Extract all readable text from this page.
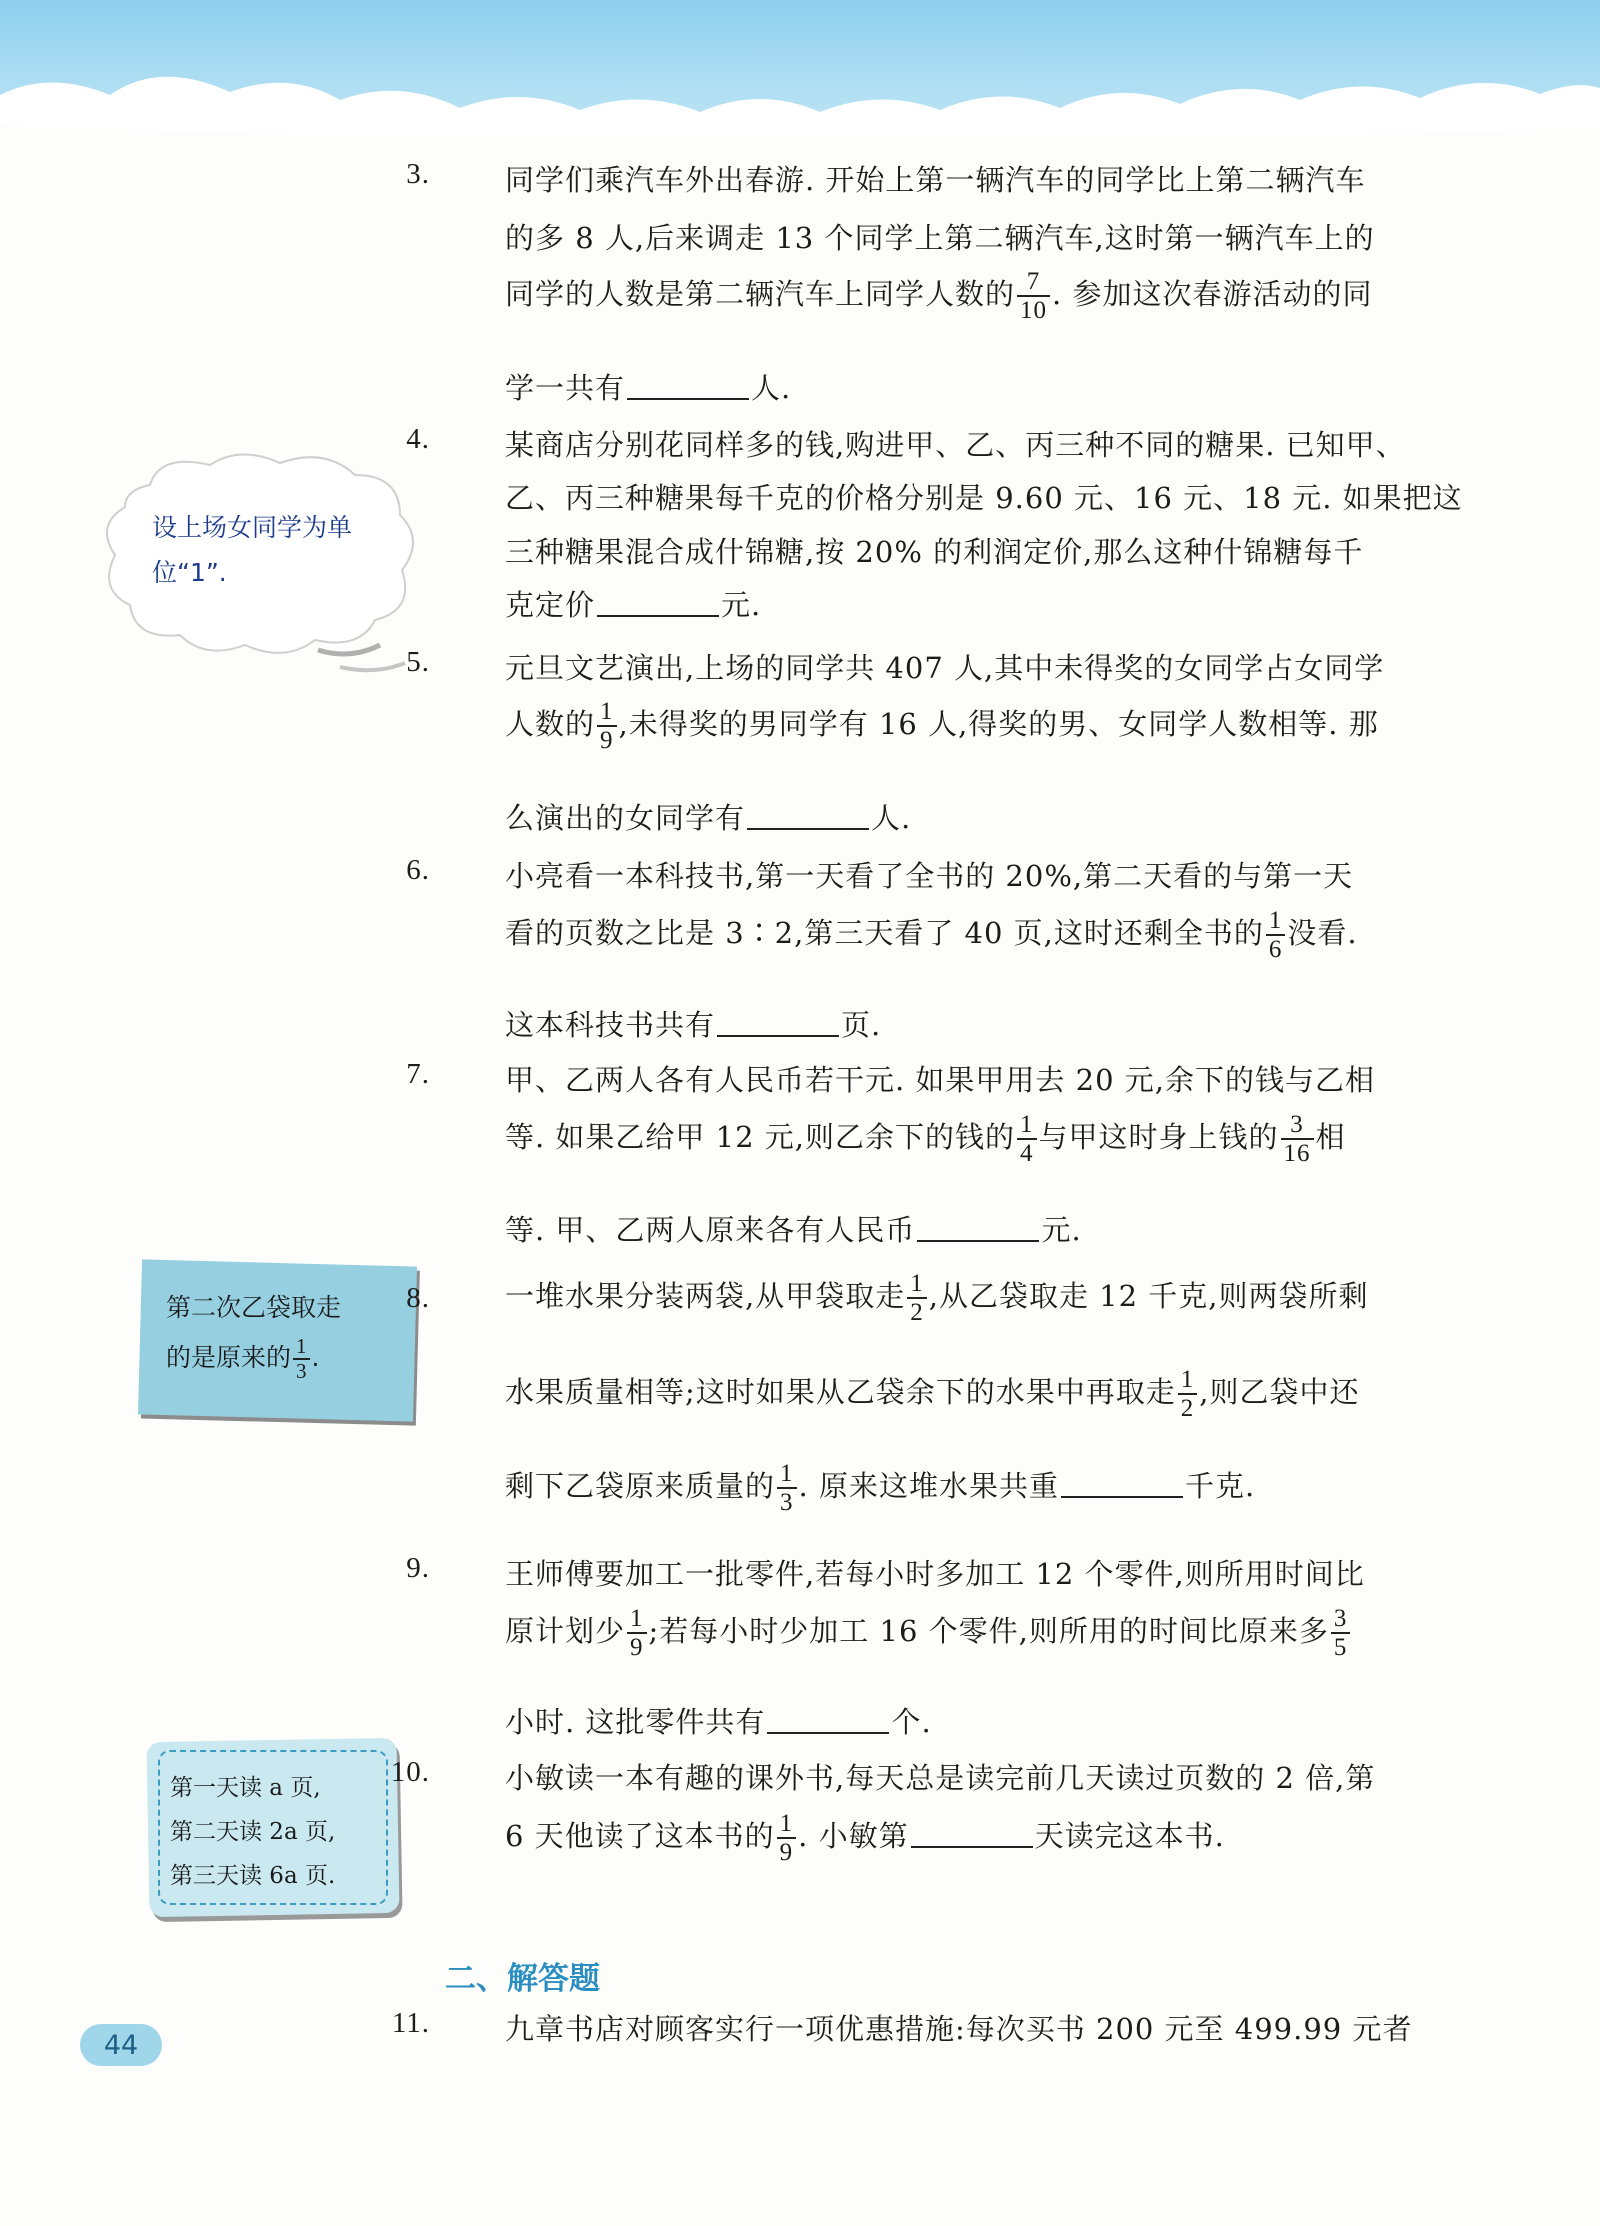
设上场女同学为单
位“1”.
第二次乙袋取走
的是原来的 $\frac{1}{3}$ .
第一天读 a 页,
第二天读 2a 页,
第三天读 6a 页.
3.	同学们乘汽车外出春游. 开始上第一辆汽车的同学比上第二辆汽车
的多 8 人,后来调走 13 个同学上第二辆汽车,这时第一辆汽车上的
同学的人数是第二辆汽车上同学人数的 $\frac{7}{10}$ . 参加这次春游活动的同
学一共有	人.
4.	某商店分别花同样多的钱,购进甲、乙、丙三种不同的糖果. 已知甲、
乙、丙三种糖果每千克的价格分别是 9.60 元、16 元、18 元. 如果把这
三种糖果混合成什锦糖,按 20% 的利润定价,那么这种什锦糖每千
克定价	元.
5.	元旦文艺演出,上场的同学共 407 人,其中未得奖的女同学占女同学
人数的 $\frac{1}{9}$ ,未得奖的男同学有 16 人,得奖的男、女同学人数相等. 那
么演出的女同学有	人.
6.	小亮看一本科技书,第一天看了全书的 20%,第二天看的与第一天
看的页数之比是 3∶2,第三天看了 40 页,这时还剩全书的 $\frac{1}{6}$ 没看.
这本科技书共有	页.
7.	甲、乙两人各有人民币若干元. 如果甲用去 20 元,余下的钱与乙相
等. 如果乙给甲 12 元,则乙余下的钱的 $\frac{1}{4}$ 与甲这时身上钱的 $\frac{3}{16}$ 相
等. 甲、乙两人原来各有人民币	元.
8.	一堆水果分装两袋,从甲袋取走 $\frac{1}{2}$ ,从乙袋取走 12 千克,则两袋所剩
水果质量相等;这时如果从乙袋余下的水果中再取走 $\frac{1}{2}$ ,则乙袋中还
剩下乙袋原来质量的 $\frac{1}{3}$ . 原来这堆水果共重	千克.
9.	王师傅要加工一批零件,若每小时多加工 12 个零件,则所用时间比
原计划少 $\frac{1}{9}$ ;若每小时少加工 16 个零件,则所用的时间比原来多 $\frac{3}{5}$
小时. 这批零件共有	个.
10.	小敏读一本有趣的课外书,每天总是读完前几天读过页数的 2 倍,第
6 天他读了这本书的 $\frac{1}{9}$ . 小敏第	天读完这本书.
二、解答题
11.	九章书店对顾客实行一项优惠措施:每次买书 200 元至 499.99 元者
44
